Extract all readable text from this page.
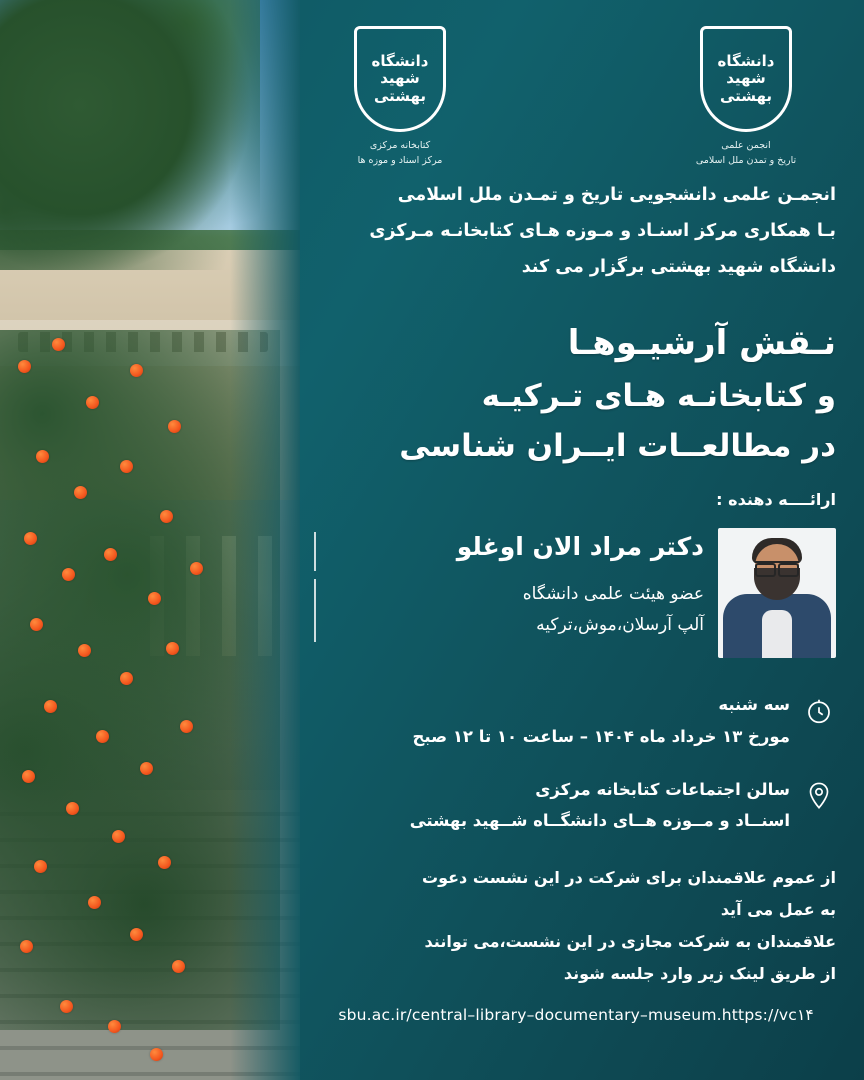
دانشگاه شهید بهشتی
کتابخانه مرکزی
مرکز اسناد و موزه ها
دانشگاه شهید بهشتی
انجمن علمی
تاریخ و تمدن ملل اسلامی
انجمـن علمی دانشجویی تاریخ و تمـدن ملل اسلامی
بـا همکاری مرکز اسنـاد و مـوزه هـای کتابخانـه مـرکزی
دانشگاه شهید بهشتی برگزار می کند
نـقش آرشیـوهـا
و کتابخانـه هـای تـرکیـه
در مطالعــات ایــران شناسی
ارائــــه دهنده :
دکتر مراد الان اوغلو
عضو هیئت علمی دانشگاه
آلپ آرسلان،موش،ترکیه
سه شنبه
مورخ ۱۳ خرداد ماه ۱۴۰۴ – ساعت ۱۰ تا ۱۲ صبح
سالن اجتماعات کتابخانه مرکزی
اسنــاد و مــوزه هــای دانشگــاه شــهید بهشتی
از عموم علاقمندان برای شرکت در این نشست دعوت
به عمل می آید
علاقمندان به شرکت مجازی در این نشست،می توانند
از طریق لینک زیر وارد جلسه شوند
sbu.ac.ir/central–library–documentary–museum.https://vc۱۴
